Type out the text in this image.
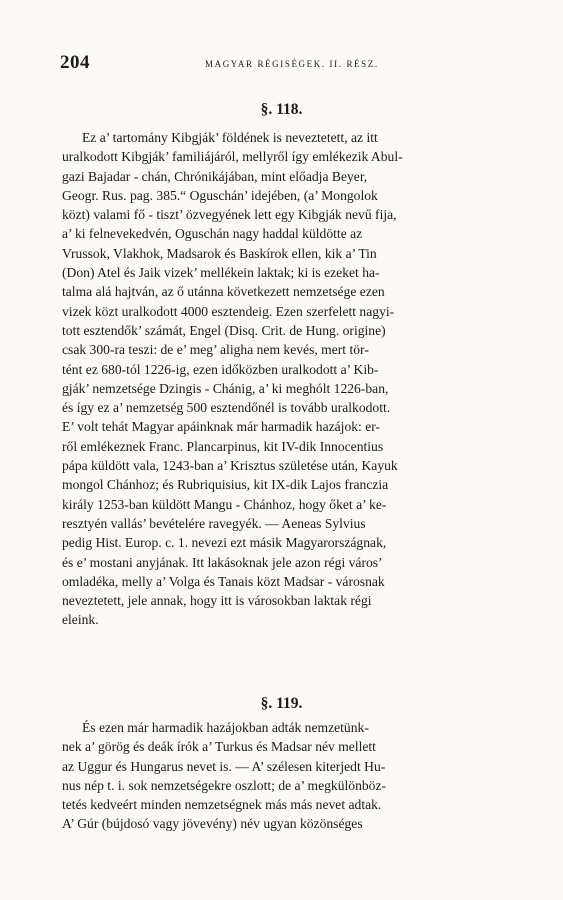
204	MAGYAR RÉGISÉGEK. II. RÉSZ.
§. 118.
Ez a’ tartomány Kibgják’ földének is neveztetett, az itt
uralkodott Kibgják’ familiájáról, mellyről így emlékezik Abul-
gazi Bajadar - chán, Chrónikájában, mint előadja Beyer,
Geogr. Rus. pag. 385.“ Oguschán’ idejében, (a’ Mongolok
közt) valami fő - tiszt’ özvegyének lett egy Kibgják nevű fija,
a’ ki felnevekedvén, Oguschán nagy haddal küldötte az
Vrussok, Vlakhok, Madsarok és Baskírok ellen, kik a’ Tin
(Don) Atel és Jaik vizek’ mellékein laktak; ki is ezeket ha-
talma alá hajtván, az ő utánna következett nemzetsége ezen
vizek közt uralkodott 4000 esztendeig. Ezen szerfelett nagyi-
tott esztendők’ számát, Engel (Disq. Crit. de Hung. origine)
csak 300-ra teszi: de e’ meg’ aligha nem kevés, mert tör-
tént ez 680-tól 1226-ig, ezen időközben uralkodott a’ Kib-
gják’ nemzetsége Dzingis - Chánig, a’ ki meghólt 1226-ban,
és így ez a’ nemzetség 500 esztendőnél is tovább uralkodott.
E’ volt tehát Magyar apáinknak már harmadik hazájok: er-
ről emlékeznek Franc. Plancarpinus, kit IV-dik Innocentius
pápa küldött vala, 1243-ban a’ Krisztus születése után, Kayuk
mongol Chánhoz; és Rubriquisius, kit IX-dik Lajos franczia
király 1253-ban küldött Mangu - Chánhoz, hogy őket a’ ke-
resztyén vallás’ bevételére ravegyék. — Aeneas Sylvius
pedig Hist. Europ. c. 1. nevezi ezt másik Magyarországnak,
és e’ mostani anyjának. Itt lakásoknak jele azon régi város’
omladéka, melly a’ Volga és Tanais közt Madsar - városnak
neveztetett, jele annak, hogy itt is városokban laktak régi
eleink.
§. 119.
És ezen már harmadik hazájokban adták nemzetünk-
nek a’ görög és deák írók a’ Turkus és Madsar név mellett
az Uggur és Hungarus nevet is. — A’ szélesen kiterjedt Hu-
nus nép t. i. sok nemzetségekre oszlott; de a’ megkülönböz-
tetés kedveért minden nemzetségnek más más nevet adtak.
A’ Gúr (bújdosó vagy jövevény) név ugyan közönséges
